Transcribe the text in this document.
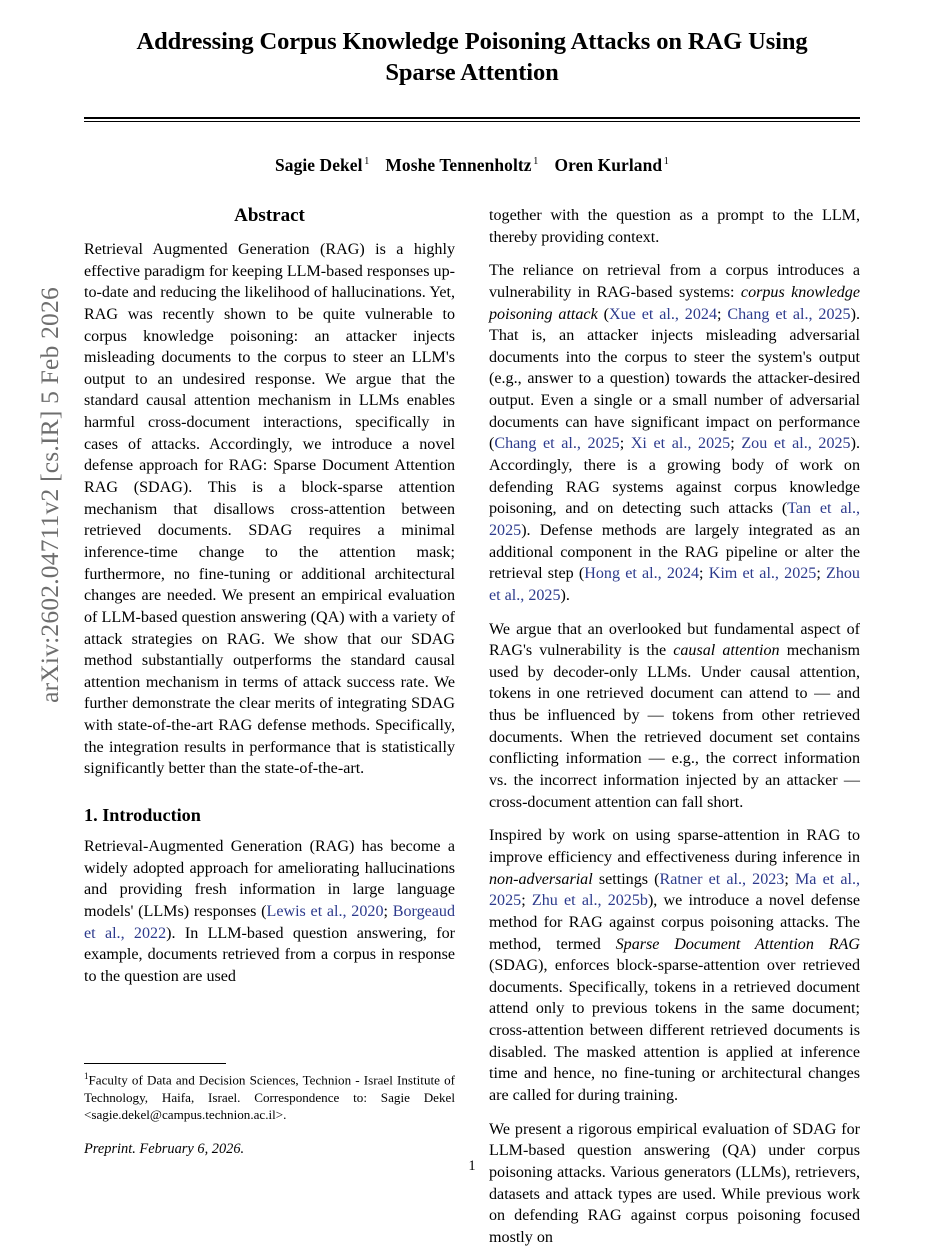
arXiv:2602.04711v2 [cs.IR] 5 Feb 2026
Addressing Corpus Knowledge Poisoning Attacks on RAG Using Sparse Attention
Sagie Dekel $^1$ Moshe Tennenholtz $^1$ Oren Kurland $^1$
Abstract

Retrieval Augmented Generation (RAG) is a highly effective paradigm for keeping LLM-based responses up-to-date and reducing the likelihood of hallucinations. Yet, RAG was recently shown to be quite vulnerable to corpus knowledge poisoning: an attacker injects misleading documents to the corpus to steer an LLM's output to an undesired response. We argue that the standard causal attention mechanism in LLMs enables harmful cross-document interactions, specifically in cases of attacks. Accordingly, we introduce a novel defense approach for RAG: Sparse Document Attention RAG (SDAG). This is a block-sparse attention mechanism that disallows cross-attention between retrieved documents. SDAG requires a minimal inference-time change to the attention mask; furthermore, no fine-tuning or additional architectural changes are needed. We present an empirical evaluation of LLM-based question answering (QA) with a variety of attack strategies on RAG. We show that our SDAG method substantially outperforms the standard causal attention mechanism in terms of attack success rate. We further demonstrate the clear merits of integrating SDAG with state-of-the-art RAG defense methods. Specifically, the integration results in performance that is statistically significantly better than the state-of-the-art.

1. Introduction

Retrieval-Augmented Generation (RAG) has become a widely adopted approach for ameliorating hallucinations and providing fresh information in large language models' (LLMs) responses (Lewis et al., 2020; Borgeaud et al., 2022). In LLM-based question answering, for example, documents retrieved from a corpus in response to the question are used

together with the question as a prompt to the LLM, thereby providing context.

The reliance on retrieval from a corpus introduces a vulnerability in RAG-based systems: corpus knowledge poisoning attack (Xue et al., 2024; Chang et al., 2025). That is, an attacker injects misleading adversarial documents into the corpus to steer the system's output (e.g., answer to a question) towards the attacker-desired output. Even a single or a small number of adversarial documents can have significant impact on performance (Chang et al., 2025; Xi et al., 2025; Zou et al., 2025). Accordingly, there is a growing body of work on defending RAG systems against corpus knowledge poisoning, and on detecting such attacks (Tan et al., 2025). Defense methods are largely integrated as an additional component in the RAG pipeline or alter the retrieval step (Hong et al., 2024; Kim et al., 2025; Zhou et al., 2025).

We argue that an overlooked but fundamental aspect of RAG's vulnerability is the causal attention mechanism used by decoder-only LLMs. Under causal attention, tokens in one retrieved document can attend to — and thus be influenced by — tokens from other retrieved documents. When the retrieved document set contains conflicting information — e.g., the correct information vs. the incorrect information injected by an attacker — cross-document attention can fall short.

Inspired by work on using sparse-attention in RAG to improve efficiency and effectiveness during inference in non-adversarial settings (Ratner et al., 2023; Ma et al., 2025; Zhu et al., 2025b), we introduce a novel defense method for RAG against corpus poisoning attacks. The method, termed Sparse Document Attention RAG (SDAG), enforces block-sparse-attention over retrieved documents. Specifically, tokens in a retrieved document attend only to previous tokens in the same document; cross-attention between different retrieved documents is disabled. The masked attention is applied at inference time and hence, no fine-tuning or architectural changes are called for during training.

We present a rigorous empirical evaluation of SDAG for LLM-based question answering (QA) under corpus poisoning attacks. Various generators (LLMs), retrievers, datasets and attack types are used. While previous work on defending RAG against corpus poisoning focused mostly on

$^1$Faculty of Data and Decision Sciences, Technion - Israel Institute of Technology, Haifa, Israel. Correspondence to: Sagie Dekel <sagie.dekel@campus.technion.ac.il>.

Preprint. February 6, 2026.

1
